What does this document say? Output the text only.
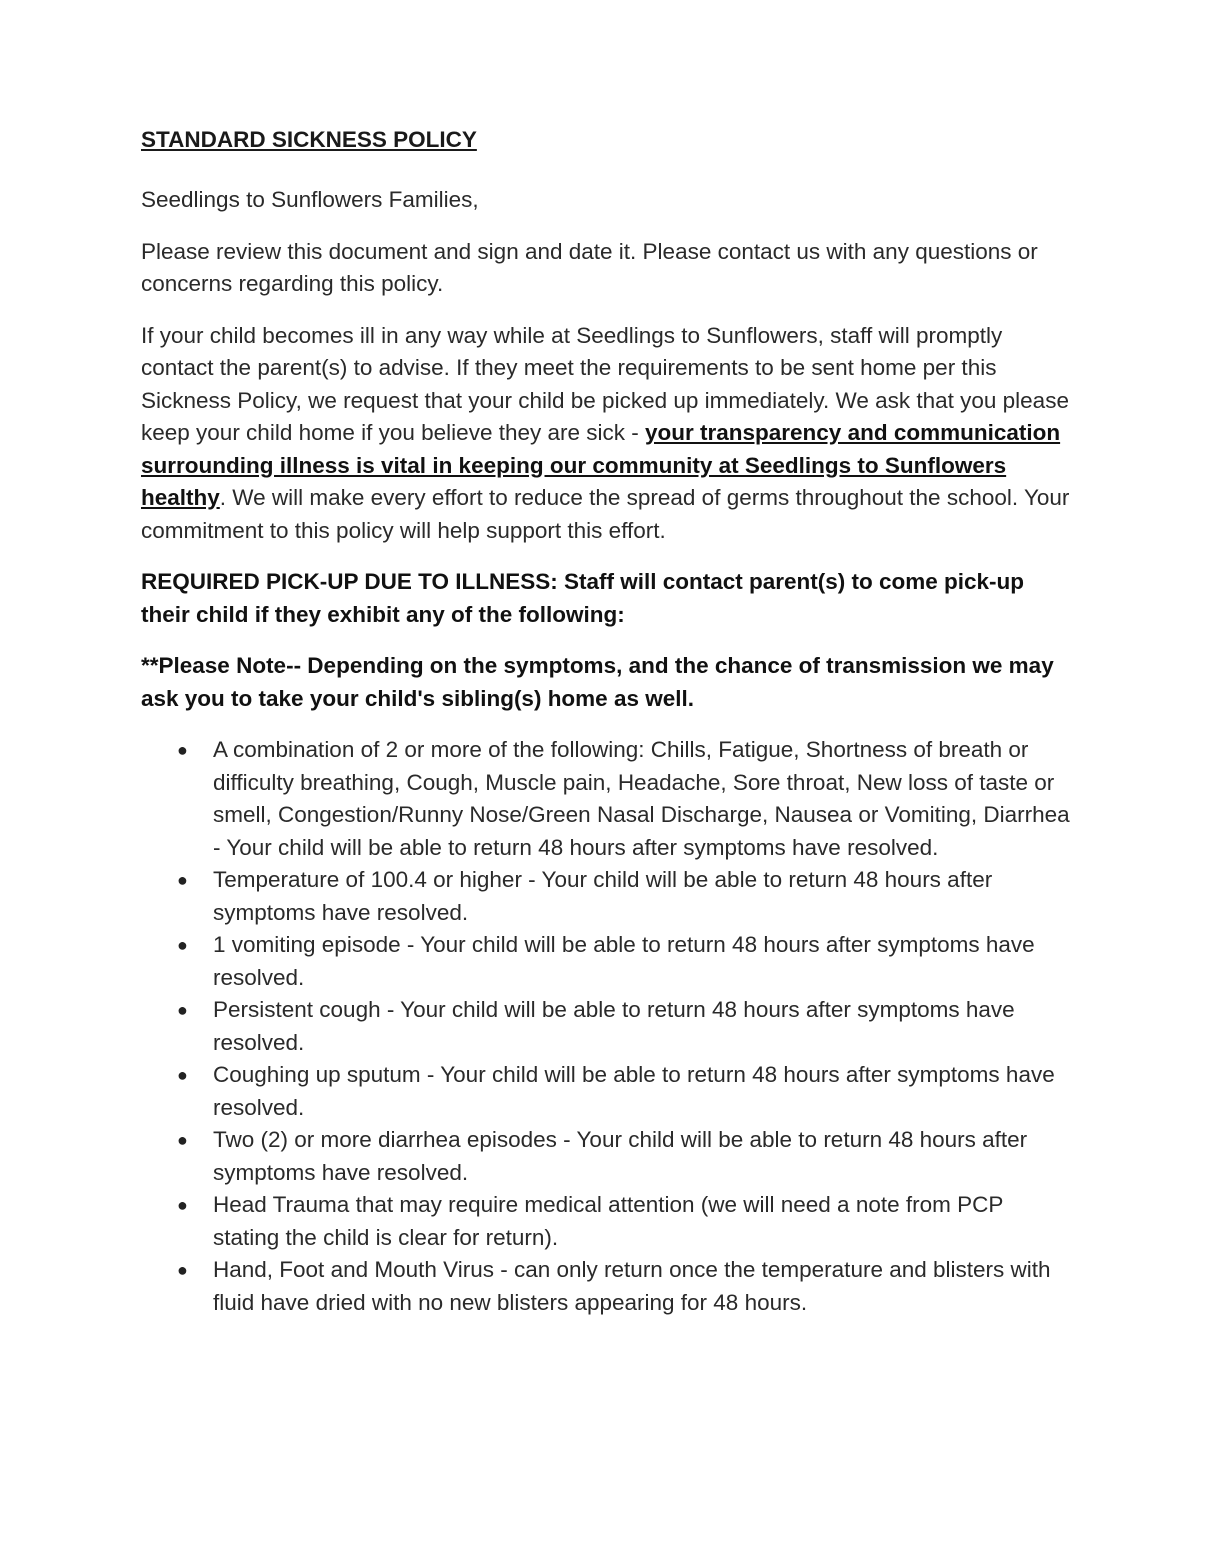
STANDARD SICKNESS POLICY

Seedlings to Sunflowers Families,

Please review this document and sign and date it. Please contact us with any questions or concerns regarding this policy.

If your child becomes ill in any way while at Seedlings to Sunflowers, staff will promptly contact the parent(s) to advise. If they meet the requirements to be sent home per this Sickness Policy, we request that your child be picked up immediately. We ask that you please keep your child home if you believe they are sick - your transparency and communication surrounding illness is vital in keeping our community at Seedlings to Sunflowers healthy. We will make every effort to reduce the spread of germs throughout the school. Your commitment to this policy will help support this effort.

REQUIRED PICK-UP DUE TO ILLNESS: Staff will contact parent(s) to come pick-up their child if they exhibit any of the following:

**Please Note-- Depending on the symptoms, and the chance of transmission we may ask you to take your child's sibling(s) home as well.

● A combination of 2 or more of the following: Chills, Fatigue, Shortness of breath or difficulty breathing, Cough, Muscle pain, Headache, Sore throat, New loss of taste or smell, Congestion/Runny Nose/Green Nasal Discharge, Nausea or Vomiting, Diarrhea - Your child will be able to return 48 hours after symptoms have resolved.
● Temperature of 100.4 or higher - Your child will be able to return 48 hours after symptoms have resolved.
● 1 vomiting episode - Your child will be able to return 48 hours after symptoms have resolved.
● Persistent cough - Your child will be able to return 48 hours after symptoms have resolved.
● Coughing up sputum - Your child will be able to return 48 hours after symptoms have resolved.
● Two (2) or more diarrhea episodes - Your child will be able to return 48 hours after symptoms have resolved.
● Head Trauma that may require medical attention (we will need a note from PCP stating the child is clear for return).
● Hand, Foot and Mouth Virus - can only return once the temperature and blisters with fluid have dried with no new blisters appearing for 48 hours.
